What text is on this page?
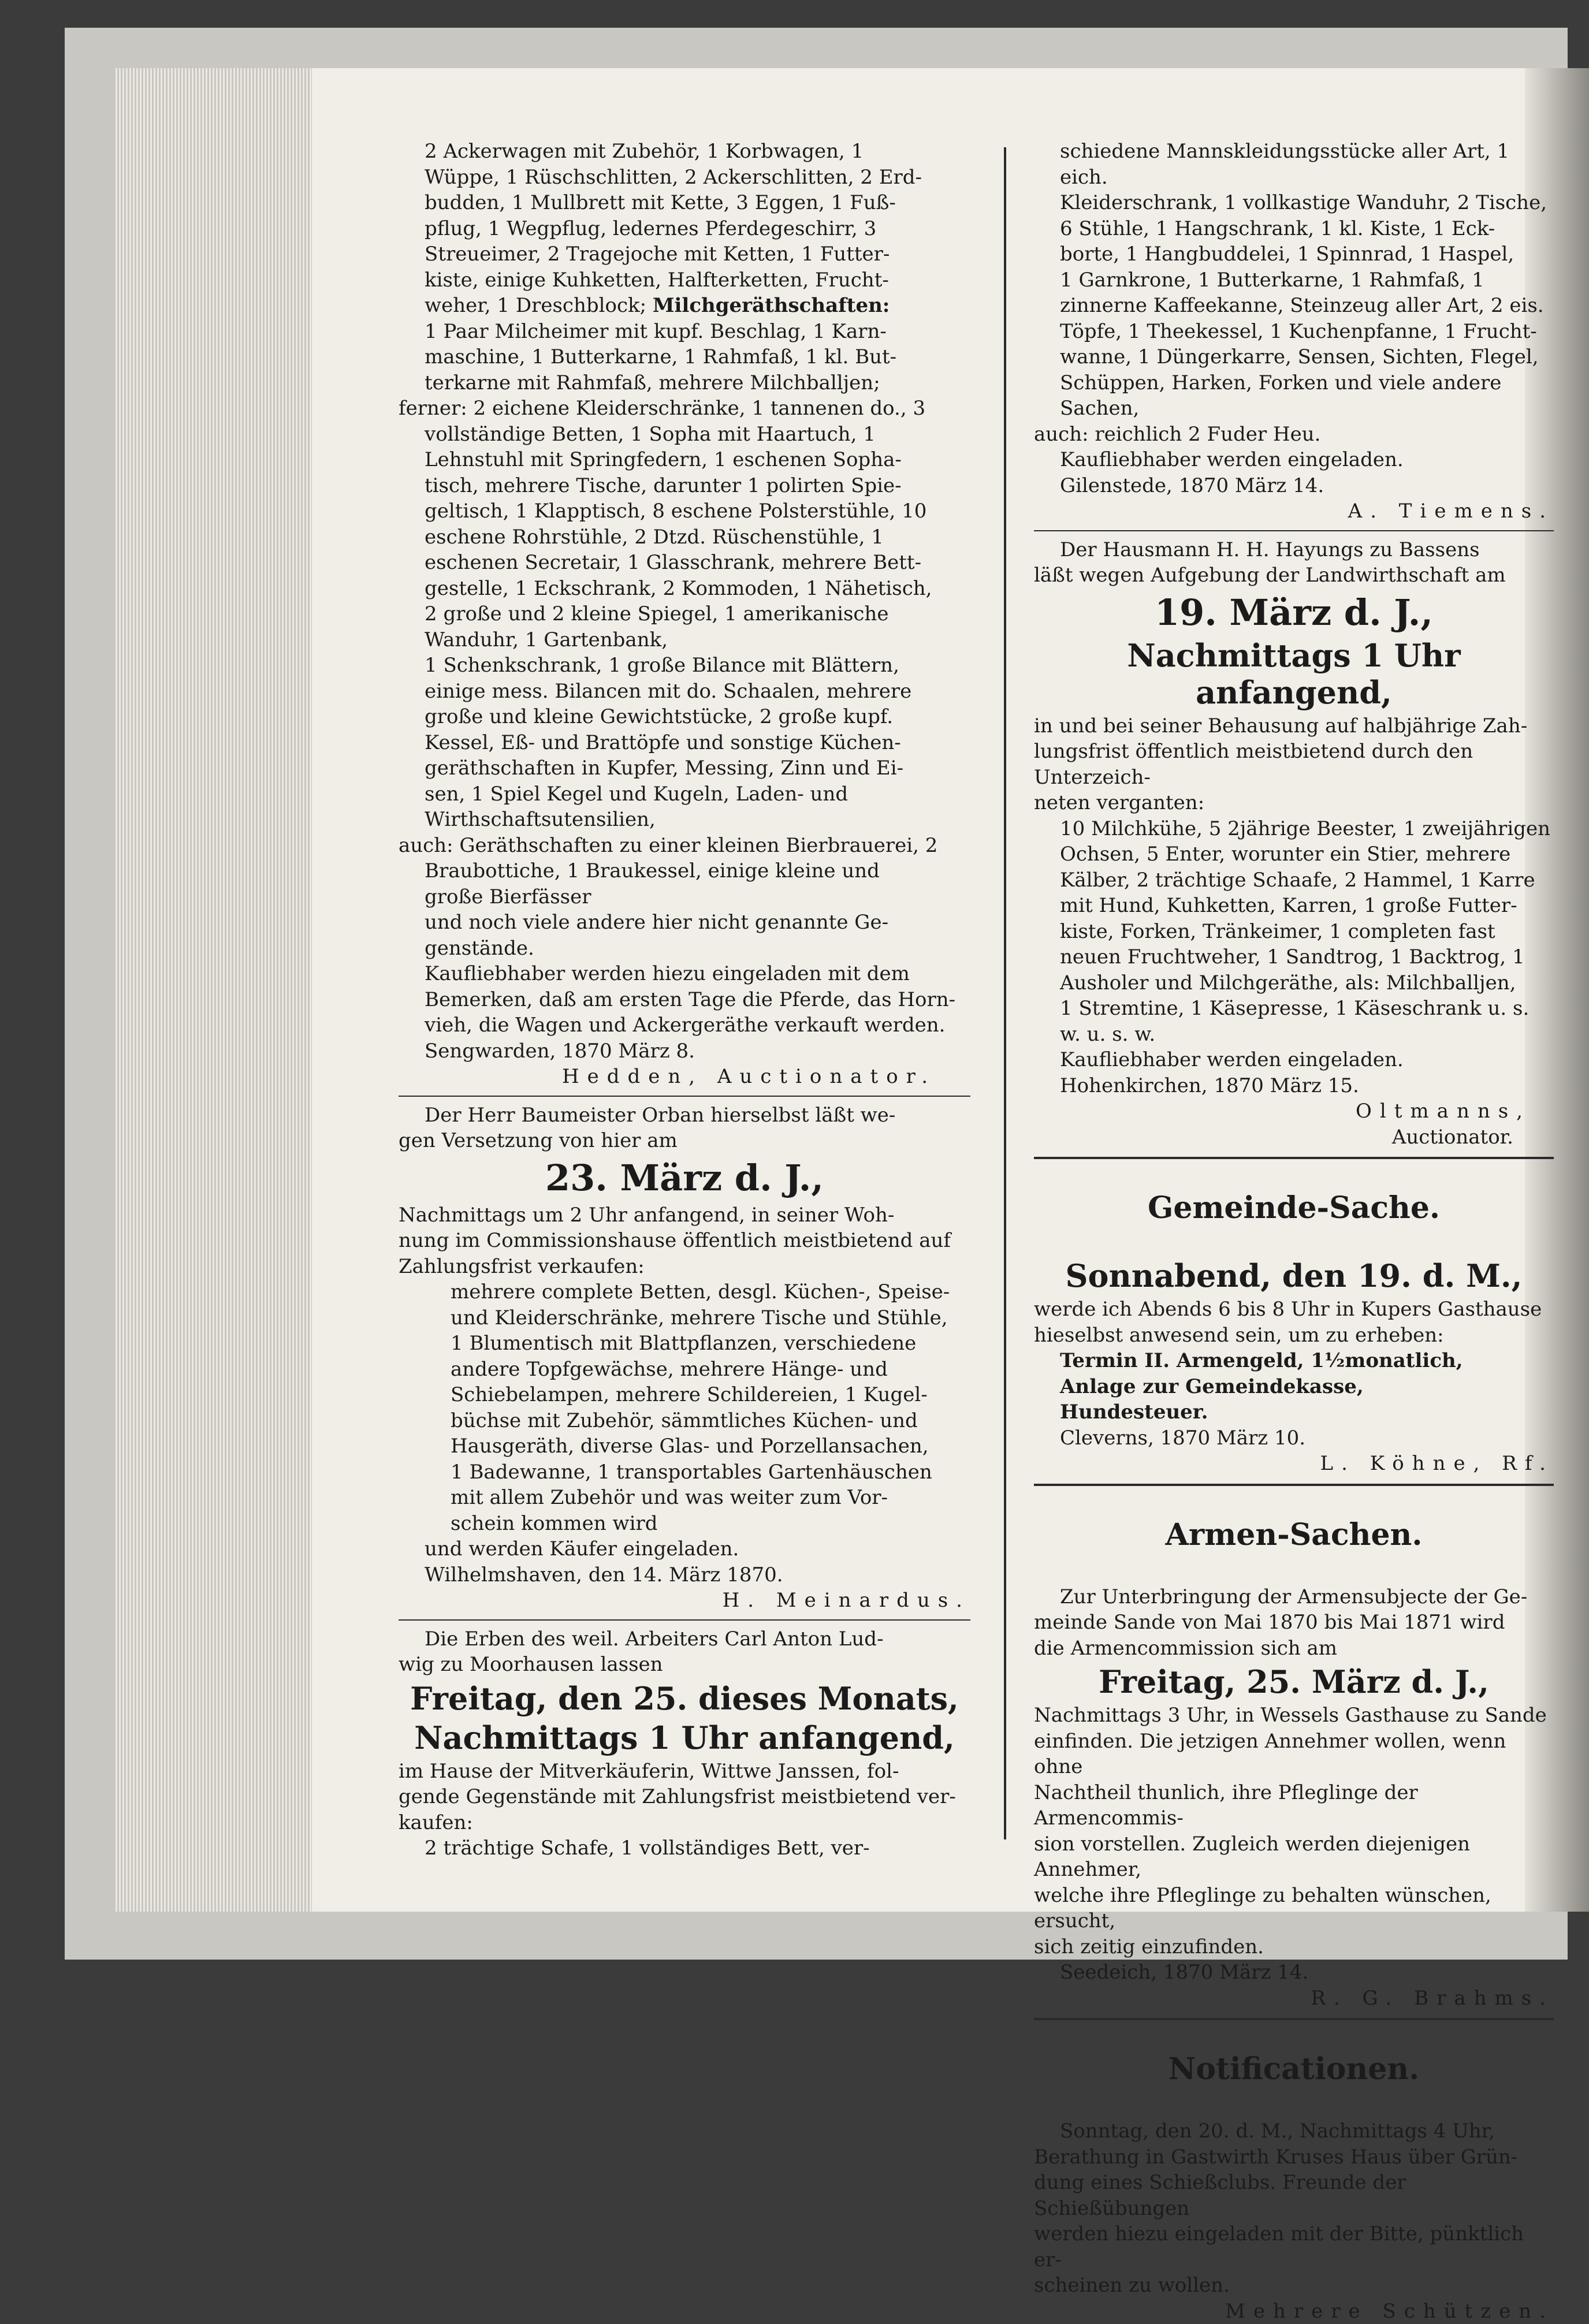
2 Ackerwagen mit Zubehör, 1 Korbwagen, 1

Wüppe, 1 Rüschschlitten, 2 Ackerschlitten, 2 Erd-

budden, 1 Mullbrett mit Kette, 3 Eggen, 1 Fuß-

pflug, 1 Wegpflug, ledernes Pferdegeschirr, 3

Streueimer, 2 Tragejoche mit Ketten, 1 Futter-

kiste, einige Kuhketten, Halfterketten, Frucht-

weher, 1 Dreschblock; Milchgeräthschaften:

1 Paar Milcheimer mit kupf. Beschlag, 1 Karn-

maschine, 1 Butterkarne, 1 Rahmfaß, 1 kl. But-

terkarne mit Rahmfaß, mehrere Milchballjen;

ferner: 2 eichene Kleiderschränke, 1 tannenen do., 3

vollständige Betten, 1 Sopha mit Haartuch, 1

Lehnstuhl mit Springfedern, 1 eschenen Sopha-

tisch, mehrere Tische, darunter 1 polirten Spie-

geltisch, 1 Klapptisch, 8 eschene Polsterstühle, 10

eschene Rohrstühle, 2 Dtzd. Rüschenstühle, 1

eschenen Secretair, 1 Glasschrank, mehrere Bett-

gestelle, 1 Eckschrank, 2 Kommoden, 1 Nähetisch,

2 große und 2 kleine Spiegel, 1 amerikanische

Wanduhr, 1 Gartenbank,

1 Schenkschrank, 1 große Bilance mit Blättern,

einige mess. Bilancen mit do. Schaalen, mehrere

große und kleine Gewichtstücke, 2 große kupf.

Kessel, Eß- und Brattöpfe und sonstige Küchen-

geräthschaften in Kupfer, Messing, Zinn und Ei-

sen, 1 Spiel Kegel und Kugeln, Laden- und

Wirthschaftsutensilien,

auch: Geräthschaften zu einer kleinen Bierbrauerei, 2

Braubottiche, 1 Braukessel, einige kleine und

große Bierfässer

und noch viele andere hier nicht genannte Ge-

genstände.

Kaufliebhaber werden hiezu eingeladen mit dem

Bemerken, daß am ersten Tage die Pferde, das Horn-

vieh, die Wagen und Ackergeräthe verkauft werden.

Sengwarden, 1870 März 8.

Hedden, Auctionator.

Der Herr Baumeister Orban hierselbst läßt we-

gen Versetzung von hier am

23. März d. J.,

Nachmittags um 2 Uhr anfangend, in seiner Woh-

nung im Commissionshause öffentlich meistbietend auf

Zahlungsfrist verkaufen:

mehrere complete Betten, desgl. Küchen-, Speise-

und Kleiderschränke, mehrere Tische und Stühle,

1 Blumentisch mit Blattpflanzen, verschiedene

andere Topfgewächse, mehrere Hänge- und

Schiebelampen, mehrere Schildereien, 1 Kugel-

büchse mit Zubehör, sämmtliches Küchen- und

Hausgeräth, diverse Glas- und Porzellansachen,

1 Badewanne, 1 transportables Gartenhäuschen

mit allem Zubehör und was weiter zum Vor-

schein kommen wird

und werden Käufer eingeladen.

Wilhelmshaven, den 14. März 1870.

H. Meinardus.

Die Erben des weil. Arbeiters Carl Anton Lud-

wig zu Moorhausen lassen

Freitag, den 25. dieses Monats,

Nachmittags 1 Uhr anfangend,

im Hause der Mitverkäuferin, Wittwe Janssen, fol-

gende Gegenstände mit Zahlungsfrist meistbietend ver-

kaufen:

2 trächtige Schafe, 1 vollständiges Bett, ver-

schiedene Mannskleidungsstücke aller Art, 1 eich.

Kleiderschrank, 1 vollkastige Wanduhr, 2 Tische,

6 Stühle, 1 Hangschrank, 1 kl. Kiste, 1 Eck-

borte, 1 Hangbuddelei, 1 Spinnrad, 1 Haspel,

1 Garnkrone, 1 Butterkarne, 1 Rahmfaß, 1

zinnerne Kaffeekanne, Steinzeug aller Art, 2 eis.

Töpfe, 1 Theekessel, 1 Kuchenpfanne, 1 Frucht-

wanne, 1 Düngerkarre, Sensen, Sichten, Flegel,

Schüppen, Harken, Forken und viele andere

Sachen,

auch: reichlich 2 Fuder Heu.

Kaufliebhaber werden eingeladen.

Gilenstede, 1870 März 14.

A. Tiemens.

Der Hausmann H. H. Hayungs zu Bassens

läßt wegen Aufgebung der Landwirthschaft am

19. März d. J.,

Nachmittags 1 Uhr anfangend,

in und bei seiner Behausung auf halbjährige Zah-

lungsfrist öffentlich meistbietend durch den Unterzeich-

neten verganten:

10 Milchkühe, 5 2jährige Beester, 1 zweijährigen

Ochsen, 5 Enter, worunter ein Stier, mehrere

Kälber, 2 trächtige Schaafe, 2 Hammel, 1 Karre

mit Hund, Kuhketten, Karren, 1 große Futter-

kiste, Forken, Tränkeimer, 1 completen fast

neuen Fruchtweher, 1 Sandtrog, 1 Backtrog, 1

Ausholer und Milchgeräthe, als: Milchballjen,

1 Stremtine, 1 Käsepresse, 1 Käseschrank u. s.

w. u. s. w.

Kaufliebhaber werden eingeladen.

Hohenkirchen, 1870 März 15.

Oltmanns,

Auctionator.

Gemeinde-Sache.

Sonnabend, den 19. d. M.,

werde ich Abends 6 bis 8 Uhr in Kupers Gasthause

hieselbst anwesend sein, um zu erheben:

Termin II. Armengeld, 1½monatlich,

Anlage zur Gemeindekasse,

Hundesteuer.

Cleverns, 1870 März 10.

L. Köhne, Rf.

Armen-Sachen.

Zur Unterbringung der Armensubjecte der Ge-

meinde Sande von Mai 1870 bis Mai 1871 wird

die Armencommission sich am

Freitag, 25. März d. J.,

Nachmittags 3 Uhr, in Wessels Gasthause zu Sande

einfinden. Die jetzigen Annehmer wollen, wenn ohne

Nachtheil thunlich, ihre Pfleglinge der Armencommis-

sion vorstellen. Zugleich werden diejenigen Annehmer,

welche ihre Pfleglinge zu behalten wünschen, ersucht,

sich zeitig einzufinden.

Seedeich, 1870 März 14.

R. G. Brahms.

Notificationen.

Sonntag, den 20. d. M., Nachmittags 4 Uhr,

Berathung in Gastwirth Kruses Haus über Grün-

dung eines Schießclubs. Freunde der Schießübungen

werden hiezu eingeladen mit der Bitte, pünktlich er-

scheinen zu wollen.

Mehrere Schützen.
